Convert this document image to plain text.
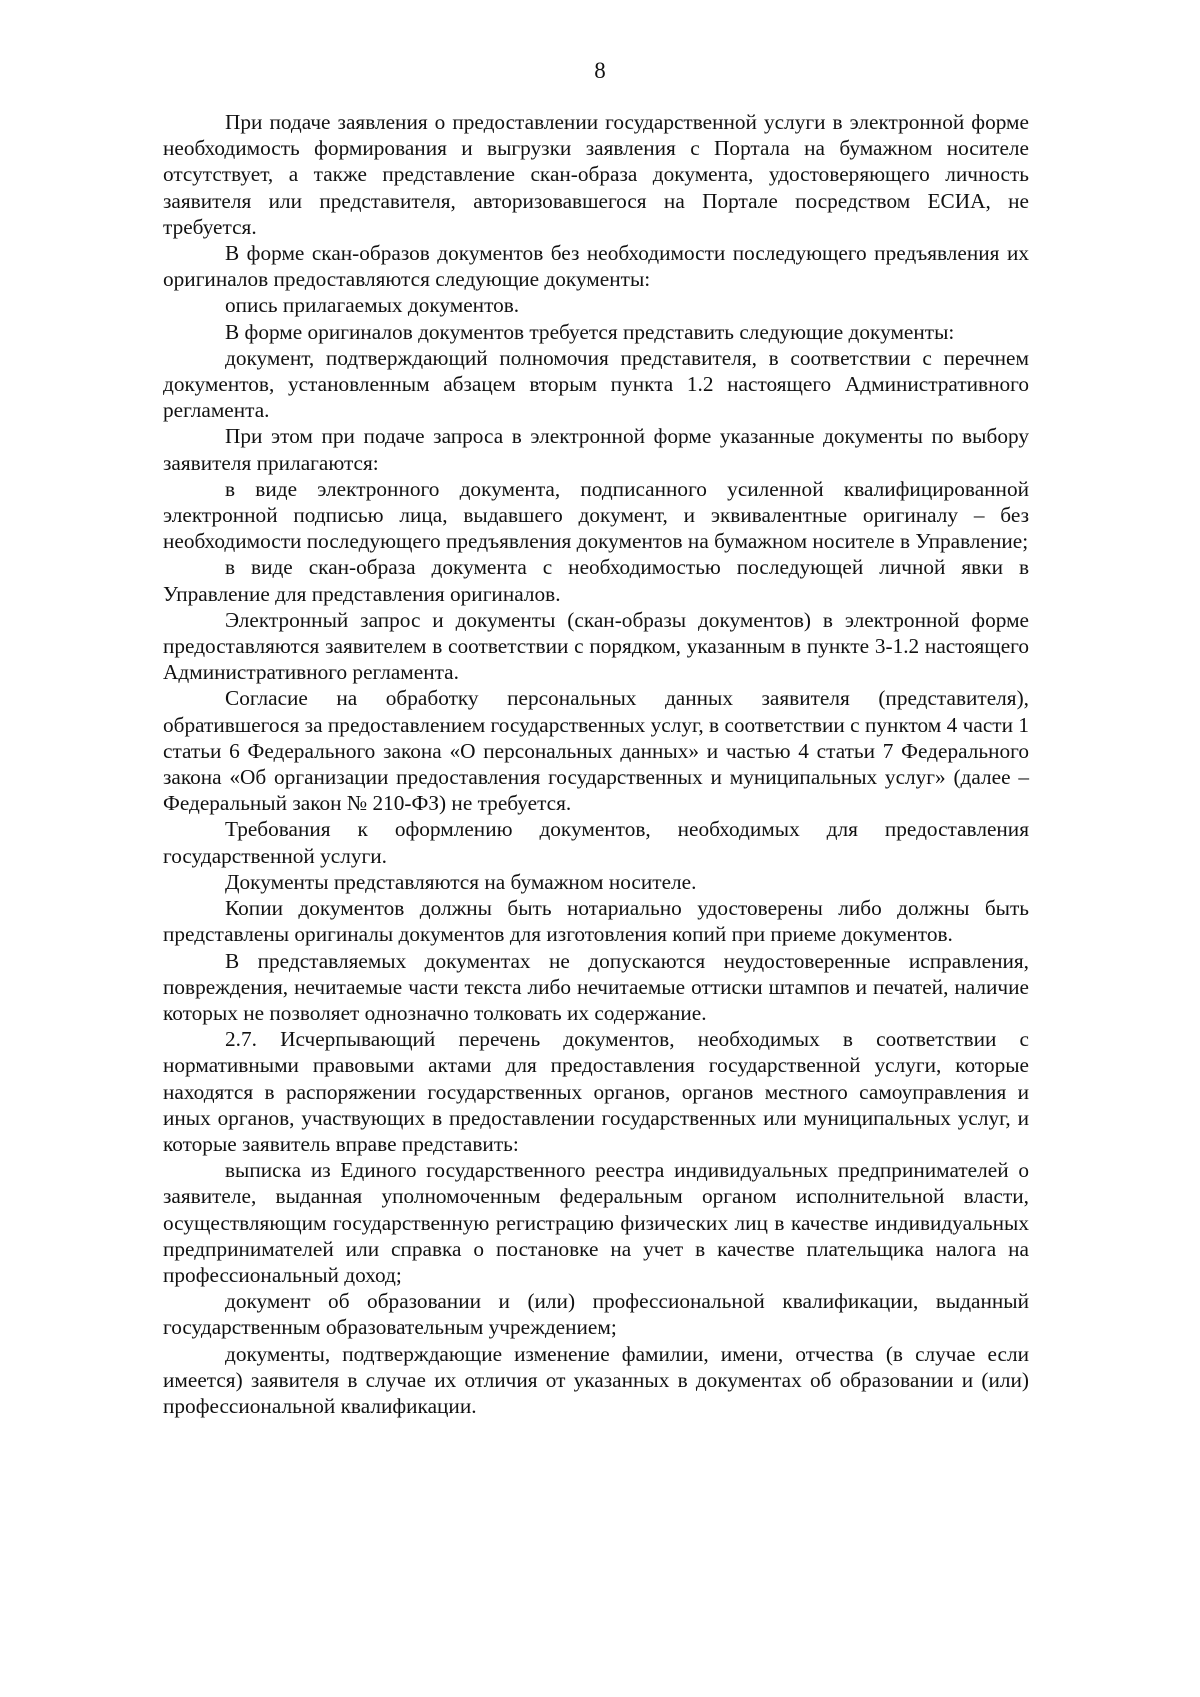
8

При подаче заявления о предоставлении государственной услуги в электронной форме необходимость формирования и выгрузки заявления с Портала на бумажном носителе отсутствует, а также представление скан-образа документа, удостоверяющего личность заявителя или представителя, авторизовавшегося на Портале посредством ЕСИА, не требуется.

В форме скан-образов документов без необходимости последующего предъявления их оригиналов предоставляются следующие документы:

опись прилагаемых документов.

В форме оригиналов документов требуется представить следующие документы:

документ, подтверждающий полномочия представителя, в соответствии с перечнем документов, установленным абзацем вторым пункта 1.2 настоящего Административного регламента.

При этом при подаче запроса в электронной форме указанные документы по выбору заявителя прилагаются:

в виде электронного документа, подписанного усиленной квалифицированной электронной подписью лица, выдавшего документ, и эквивалентные оригиналу – без необходимости последующего предъявления документов на бумажном носителе в Управление;

в виде скан-образа документа с необходимостью последующей личной явки в Управление для представления оригиналов.

Электронный запрос и документы (скан-образы документов) в электронной форме предоставляются заявителем в соответствии с порядком, указанным в пункте 3-1.2 настоящего Административного регламента.

Согласие на обработку персональных данных заявителя (представителя), обратившегося за предоставлением государственных услуг, в соответствии с пунктом 4 части 1 статьи 6 Федерального закона «О персональных данных» и частью 4 статьи 7 Федерального закона «Об организации предоставления государственных и муниципальных услуг» (далее – Федеральный закон № 210-ФЗ) не требуется.

Требования к оформлению документов, необходимых для предоставления государственной услуги.

Документы представляются на бумажном носителе.

Копии документов должны быть нотариально удостоверены либо должны быть представлены оригиналы документов для изготовления копий при приеме документов.

В представляемых документах не допускаются неудостоверенные исправления, повреждения, нечитаемые части текста либо нечитаемые оттиски штампов и печатей, наличие которых не позволяет однозначно толковать их содержание.

2.7. Исчерпывающий перечень документов, необходимых в соответствии с нормативными правовыми актами для предоставления государственной услуги, которые находятся в распоряжении государственных органов, органов местного самоуправления и иных органов, участвующих в предоставлении государственных или муниципальных услуг, и которые заявитель вправе представить:

выписка из Единого государственного реестра индивидуальных предпринимателей о заявителе, выданная уполномоченным федеральным органом исполнительной власти, осуществляющим государственную регистрацию физических лиц в качестве индивидуальных предпринимателей или справка о постановке на учет в качестве плательщика налога на профессиональный доход;

документ об образовании и (или) профессиональной квалификации, выданный государственным образовательным учреждением;

документы, подтверждающие изменение фамилии, имени, отчества (в случае если имеется) заявителя в случае их отличия от указанных в документах об образовании и (или) профессиональной квалификации.
